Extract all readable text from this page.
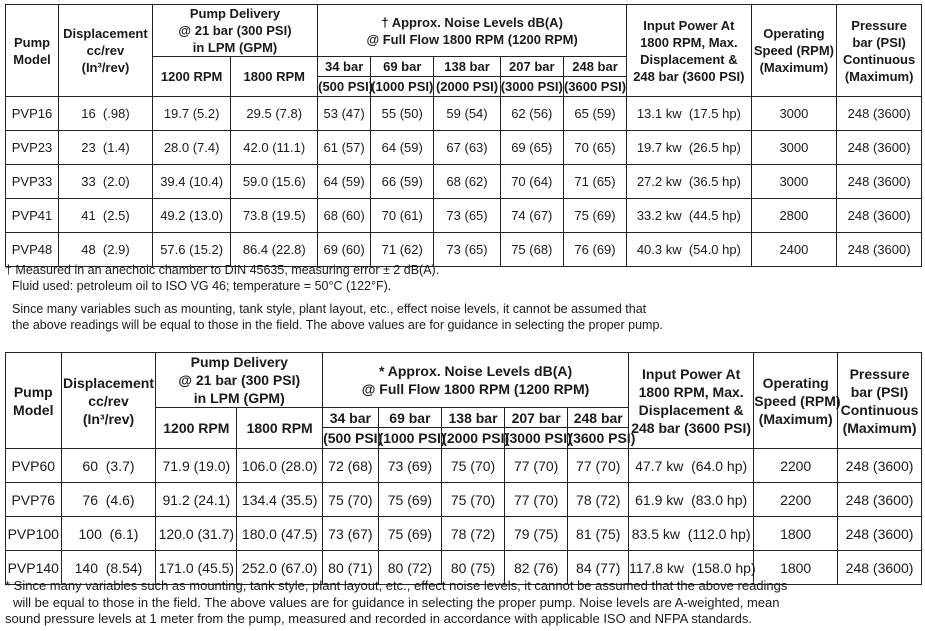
Pump
Model	Displacement
cc/rev
(In³/rev)	Pump Delivery
@ 21 bar (300 PSI)
in LPM (GPM)		† Approx. Noise Levels dB(A)
@ Full Flow 1800 RPM (1200 RPM)					Input Power At
1800 RPM, Max.
Displacement &
248 bar (3600 PSI)	Operating
Speed (RPM)
(Maximum)	Pressure
bar (PSI)
Continuous
(Maximum)
		1200 RPM	1800 RPM	34 bar	69 bar	138 bar	207 bar	248 bar			
				(500 PSI)	(1000 PSI)	(2000 PSI)	(3000 PSI)	(3600 PSI)			
PVP16	16  (.98)	19.7 (5.2)	29.5 (7.8)	53 (47)	55 (50)	59 (54)	62 (56)	65 (59)	13.1 kw  (17.5 hp)	3000	248 (3600)
PVP23	23  (1.4)	28.0 (7.4)	42.0 (11.1)	61 (57)	64 (59)	67 (63)	69 (65)	70 (65)	19.7 kw  (26.5 hp)	3000	248 (3600)
PVP33	33  (2.0)	39.4 (10.4)	59.0 (15.6)	64 (59)	66 (59)	68 (62)	70 (64)	71 (65)	27.2 kw  (36.5 hp)	3000	248 (3600)
PVP41	41  (2.5)	49.2 (13.0)	73.8 (19.5)	68 (60)	70 (61)	73 (65)	74 (67)	75 (69)	33.2 kw  (44.5 hp)	2800	248 (3600)
PVP48	48  (2.9)	57.6 (15.2)	86.4 (22.8)	69 (60)	71 (62)	73 (65)	75 (68)	76 (69)	40.3 kw  (54.0 hp)	2400	248 (3600)
† Measured in an anechoic chamber to DIN 45635, measuring error ± 2 dB(A).
Fluid used: petroleum oil to ISO VG 46; temperature = 50°C (122°F).
Since many variables such as mounting, tank style, plant layout, etc., effect noise levels, it cannot be assumed that
the above readings will be equal to those in the field. The above values are for guidance in selecting the proper pump.
Pump
Model	Displacement
cc/rev
(In³/rev)	Pump Delivery
@ 21 bar (300 PSI)
in LPM (GPM)		* Approx. Noise Levels dB(A)
@ Full Flow 1800 RPM (1200 RPM)					Input Power At
1800 RPM, Max.
Displacement &
248 bar (3600 PSI)	Operating
Speed (RPM)
(Maximum)	Pressure
bar (PSI)
Continuous
(Maximum)
		1200 RPM	1800 RPM	34 bar	69 bar	138 bar	207 bar	248 bar			
				(500 PSI)	(1000 PSI)	(2000 PSI)	(3000 PSI)	(3600 PSI)			
PVP60	60  (3.7)	71.9 (19.0)	106.0 (28.0)	72 (68)	73 (69)	75 (70)	77 (70)	77 (70)	47.7 kw  (64.0 hp)	2200	248 (3600)
PVP76	76  (4.6)	91.2 (24.1)	134.4 (35.5)	75 (70)	75 (69)	75 (70)	77 (70)	78 (72)	61.9 kw  (83.0 hp)	2200	248 (3600)
PVP100	100  (6.1)	120.0 (31.7)	180.0 (47.5)	73 (67)	75 (69)	78 (72)	79 (75)	81 (75)	83.5 kw  (112.0 hp)	1800	248 (3600)
PVP140	140  (8.54)	171.0 (45.5)	252.0 (67.0)	80 (71)	80 (72)	80 (75)	82 (76)	84 (77)	117.8 kw  (158.0 hp)	1800	248 (3600)
* Since many variables such as mounting, tank style, plant layout, etc., effect noise levels, it cannot be assumed that the above readings
will be equal to those in the field. The above values are for guidance in selecting the proper pump. Noise levels are A-weighted, mean
sound pressure levels at 1 meter from the pump, measured and recorded in accordance with applicable ISO and NFPA standards.
